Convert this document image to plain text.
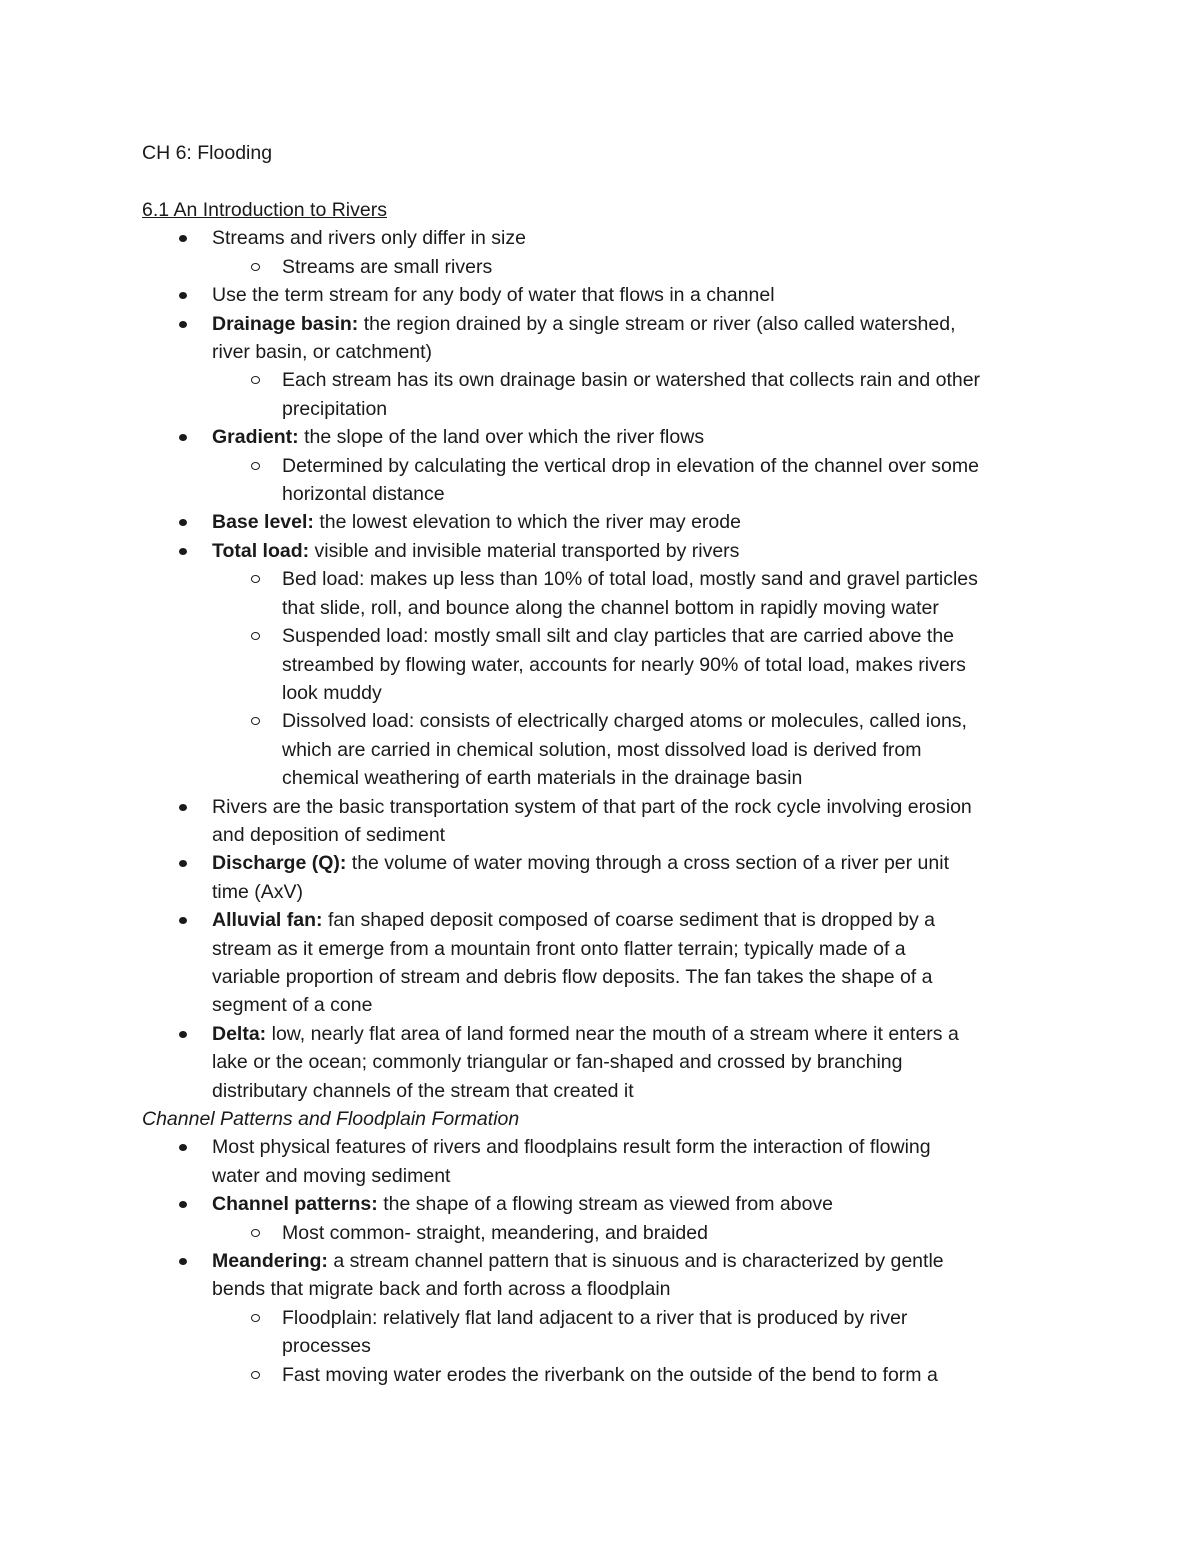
CH 6: Flooding
6.1 An Introduction to Rivers
Streams and rivers only differ in size
Streams are small rivers
Use the term stream for any body of water that flows in a channel
Drainage basin: the region drained by a single stream or river (also called watershed,
river basin, or catchment)
Each stream has its own drainage basin or watershed that collects rain and other
precipitation
Gradient: the slope of the land over which the river flows
Determined by calculating the vertical drop in elevation of the channel over some
horizontal distance
Base level: the lowest elevation to which the river may erode
Total load: visible and invisible material transported by rivers
Bed load: makes up less than 10% of total load, mostly sand and gravel particles
that slide, roll, and bounce along the channel bottom in rapidly moving water
Suspended load: mostly small silt and clay particles that are carried above the
streambed by flowing water, accounts for nearly 90% of total load, makes rivers
look muddy
Dissolved load: consists of electrically charged atoms or molecules, called ions,
which are carried in chemical solution, most dissolved load is derived from
chemical weathering of earth materials in the drainage basin
Rivers are the basic transportation system of that part of the rock cycle involving erosion
and deposition of sediment
Discharge (Q): the volume of water moving through a cross section of a river per unit
time (AxV)
Alluvial fan: fan shaped deposit composed of coarse sediment that is dropped by a
stream as it emerge from a mountain front onto flatter terrain; typically made of a
variable proportion of stream and debris flow deposits. The fan takes the shape of a
segment of a cone
Delta: low, nearly flat area of land formed near the mouth of a stream where it enters a
lake or the ocean; commonly triangular or fan-shaped and crossed by branching
distributary channels of the stream that created it
Channel Patterns and Floodplain Formation
Most physical features of rivers and floodplains result form the interaction of flowing
water and moving sediment
Channel patterns: the shape of a flowing stream as viewed from above
Most common- straight, meandering, and braided
Meandering: a stream channel pattern that is sinuous and is characterized by gentle
bends that migrate back and forth across a floodplain
Floodplain: relatively flat land adjacent to a river that is produced by river
processes
Fast moving water erodes the riverbank on the outside of the bend to form a
